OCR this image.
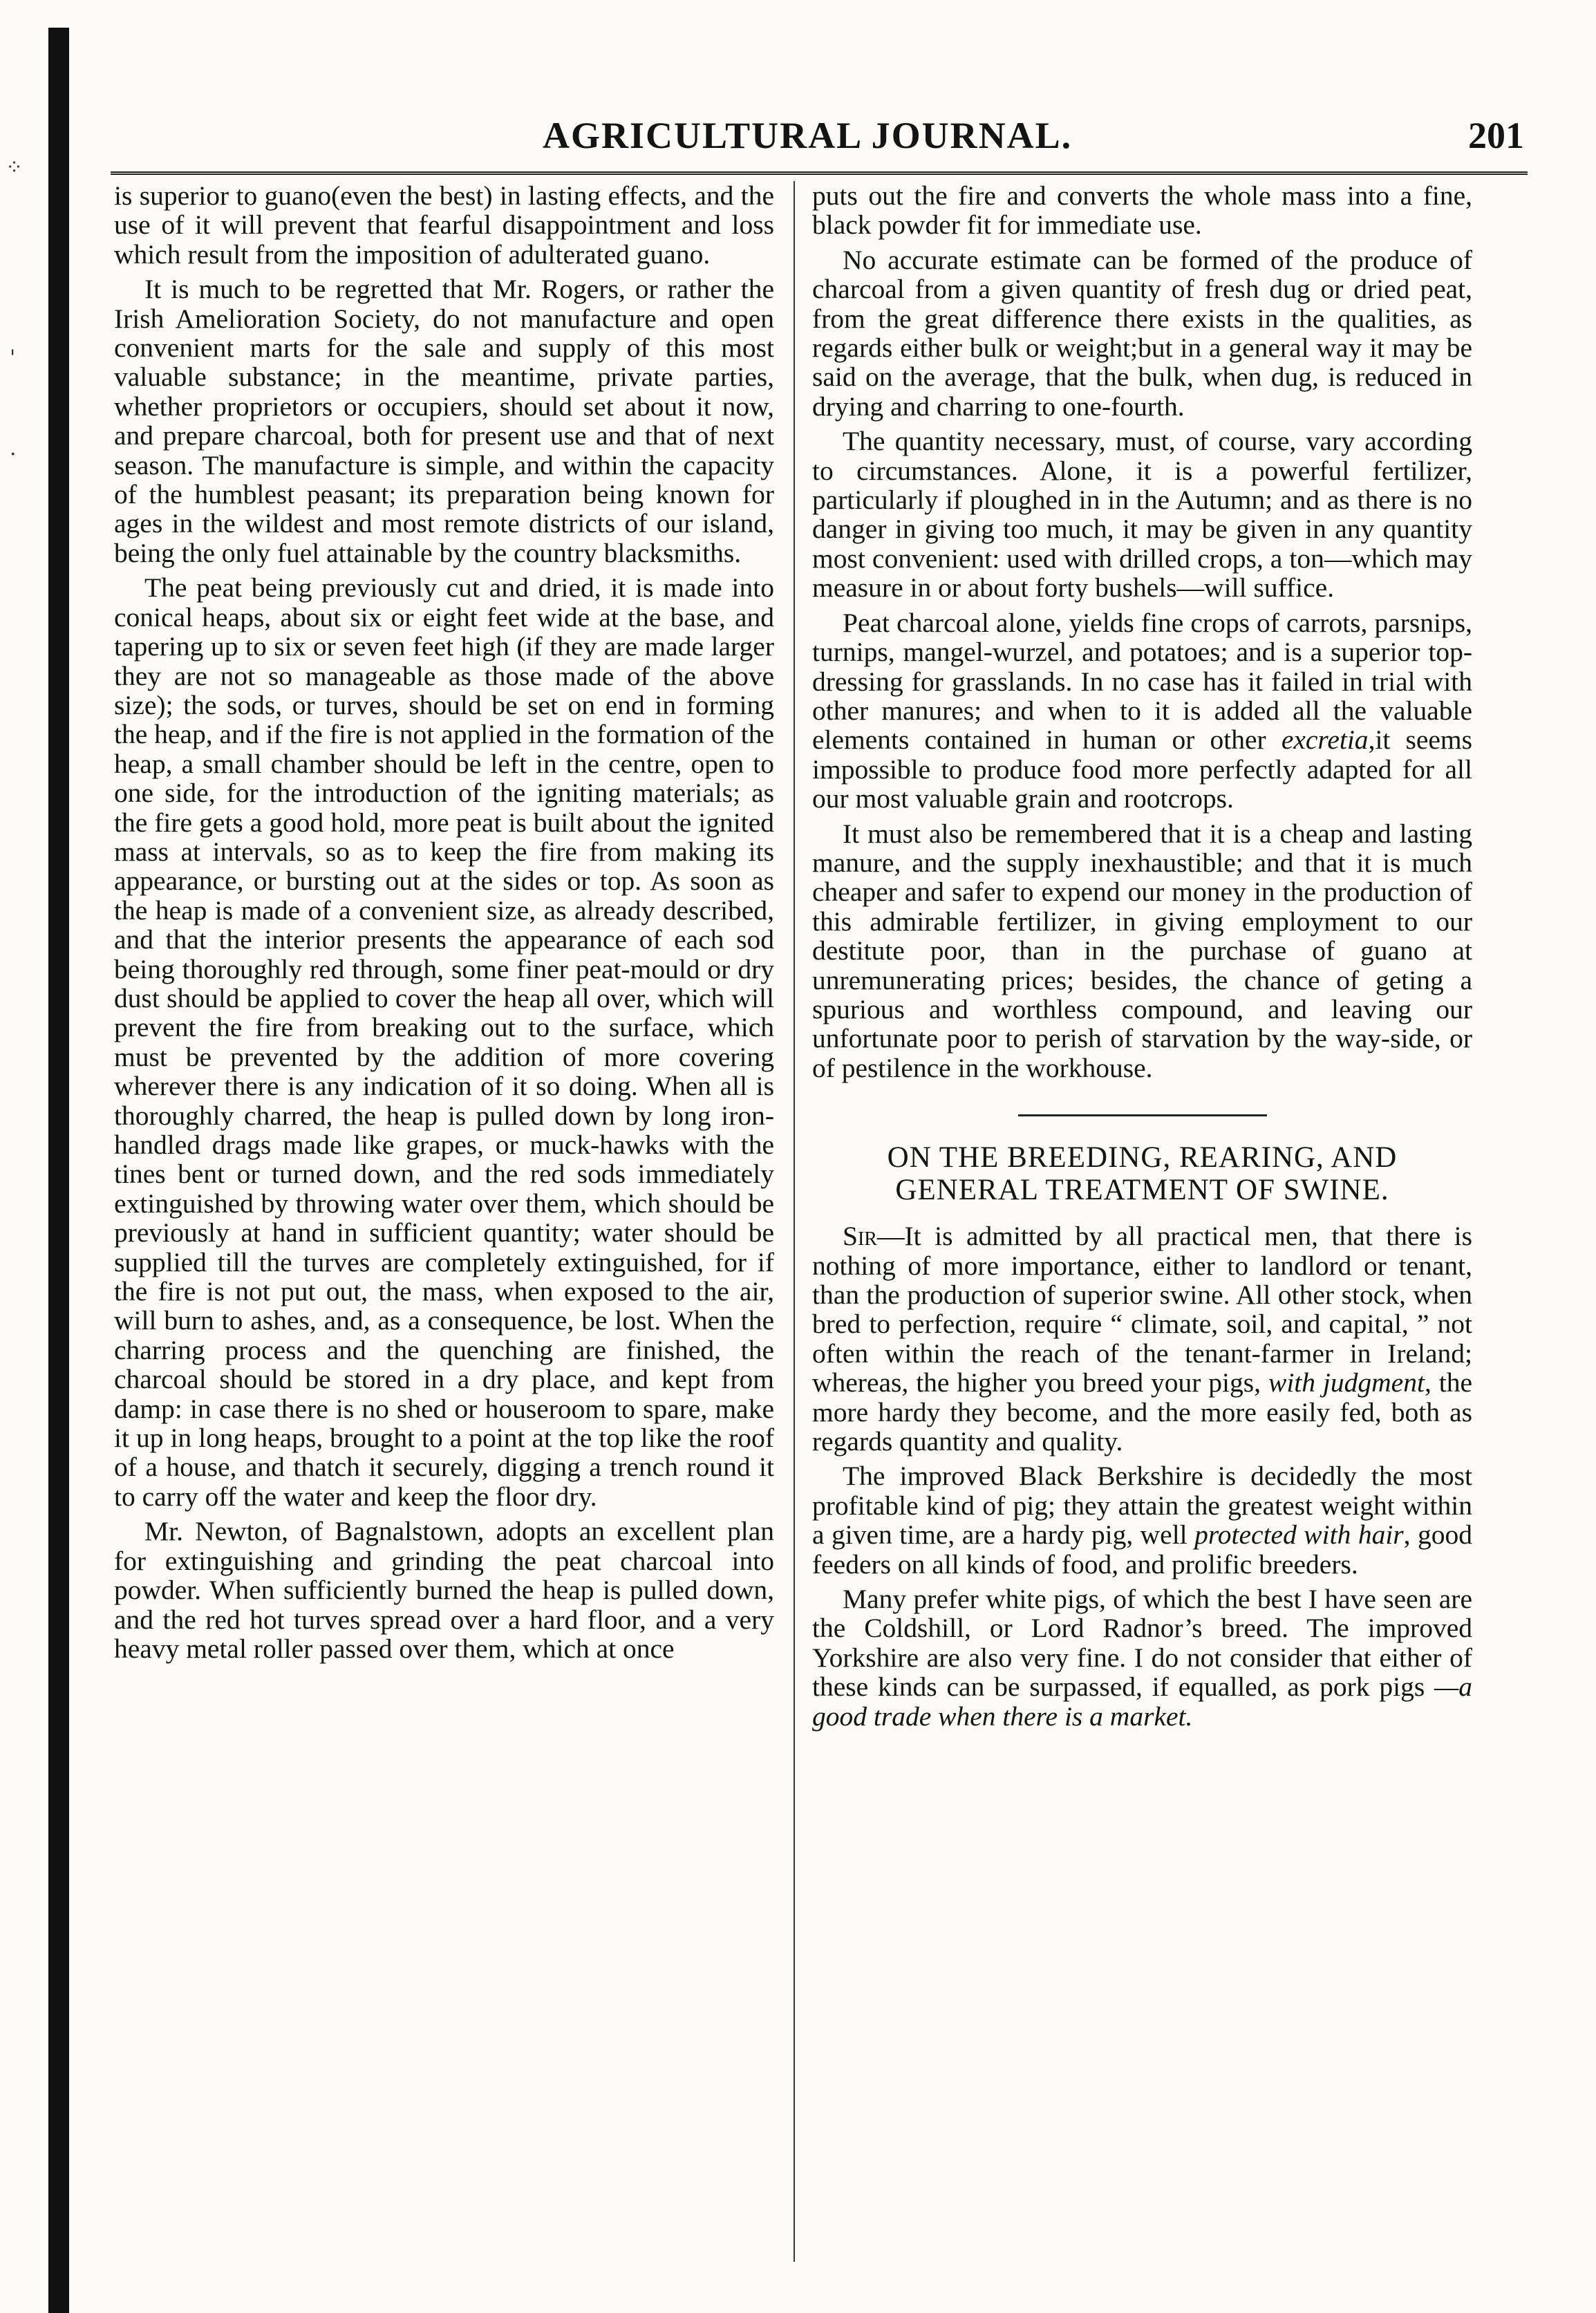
⁘
'
·
AGRICULTURAL JOURNAL.	201

is superior to guano(even the best) in lasting effects, and the use of it will prevent that fearful disappointment and loss which result from the imposition of adulterated guano.

It is much to be regretted that Mr. Rogers, or rather the Irish Amelioration Society, do not manufacture and open convenient marts for the sale and supply of this most valuable substance; in the meantime, private parties, whether proprietors or occupiers, should set about it now, and prepare charcoal, both for present use and that of next season. The manufacture is simple, and within the capacity of the humblest peasant; its preparation being known for ages in the wildest and most remote districts of our island, being the only fuel attainable by the country blacksmiths.

The peat being previously cut and dried, it is made into conical heaps, about six or eight feet wide at the base, and tapering up to six or seven feet high (if they are made larger they are not so manageable as those made of the above size); the sods, or turves, should be set on end in forming the heap, and if the fire is not applied in the formation of the heap, a small chamber should be left in the centre, open to one side, for the introduction of the igniting materials; as the fire gets a good hold, more peat is built about the ignited mass at intervals, so as to keep the fire from making its appearance, or bursting out at the sides or top. As soon as the heap is made of a convenient size, as already described, and that the interior presents the appearance of each sod being thoroughly red through, some finer peat-mould or dry dust should be applied to cover the heap all over, which will prevent the fire from breaking out to the surface, which must be prevented by the addition of more covering wherever there is any indication of it so doing. When all is thoroughly charred, the heap is pulled down by long iron-handled drags made like grapes, or muck-hawks with the tines bent or turned down, and the red sods immediately extinguished by throwing water over them, which should be previously at hand in sufficient quantity; water should be supplied till the turves are completely extinguished, for if the fire is not put out, the mass, when exposed to the air, will burn to ashes, and, as a consequence, be lost. When the charring process and the quenching are finished, the charcoal should be stored in a dry place, and kept from damp: in case there is no shed or houseroom to spare, make it up in long heaps, brought to a point at the top like the roof of a house, and thatch it securely, digging a trench round it to carry off the water and keep the floor dry.

Mr. Newton, of Bagnalstown, adopts an excellent plan for extinguishing and grinding the peat charcoal into powder. When sufficiently burned the heap is pulled down, and the red hot turves spread over a hard floor, and a very heavy metal roller passed over them, which at once

puts out the fire and converts the whole mass into a fine, black powder fit for immediate use.

No accurate estimate can be formed of the produce of charcoal from a given quantity of fresh dug or dried peat, from the great difference there exists in the qualities, as regards either bulk or weight;but in a general way it may be said on the average, that the bulk, when dug, is reduced in drying and charring to one-fourth.

The quantity necessary, must, of course, vary according to circumstances. Alone, it is a powerful fertilizer, particularly if ploughed in in the Autumn; and as there is no danger in giving too much, it may be given in any quantity most convenient: used with drilled crops, a ton—which may measure in or about forty bushels—will suffice.

Peat charcoal alone, yields fine crops of carrots, parsnips, turnips, mangel-wurzel, and potatoes; and is a superior top-dressing for grasslands. In no case has it failed in trial with other manures; and when to it is added all the valuable elements contained in human or other excretia,it seems impossible to produce food more perfectly adapted for all our most valuable grain and rootcrops.

It must also be remembered that it is a cheap and lasting manure, and the supply inexhaustible; and that it is much cheaper and safer to expend our money in the production of this admirable fertilizer, in giving employment to our destitute poor, than in the purchase of guano at unremunerating prices; besides, the chance of geting a spurious and worthless compound, and leaving our unfortunate poor to perish of starvation by the way-side, or of pestilence in the workhouse.

ON THE BREEDING, REARING, AND GENERAL TREATMENT OF SWINE.

Sir—It is admitted by all practical men, that there is nothing of more importance, either to landlord or tenant, than the production of superior swine. All other stock, when bred to perfection, require “ climate, soil, and capital, ” not often within the reach of the tenant-farmer in Ireland; whereas, the higher you breed your pigs, with judgment, the more hardy they become, and the more easily fed, both as regards quantity and quality.

The improved Black Berkshire is decidedly the most profitable kind of pig; they attain the greatest weight within a given time, are a hardy pig, well protected with hair, good feeders on all kinds of food, and prolific breeders.

Many prefer white pigs, of which the best I have seen are the Coldshill, or Lord Radnor’s breed. The improved Yorkshire are also very fine. I do not consider that either of these kinds can be surpassed, if equalled, as pork pigs —a good trade when there is a market.
